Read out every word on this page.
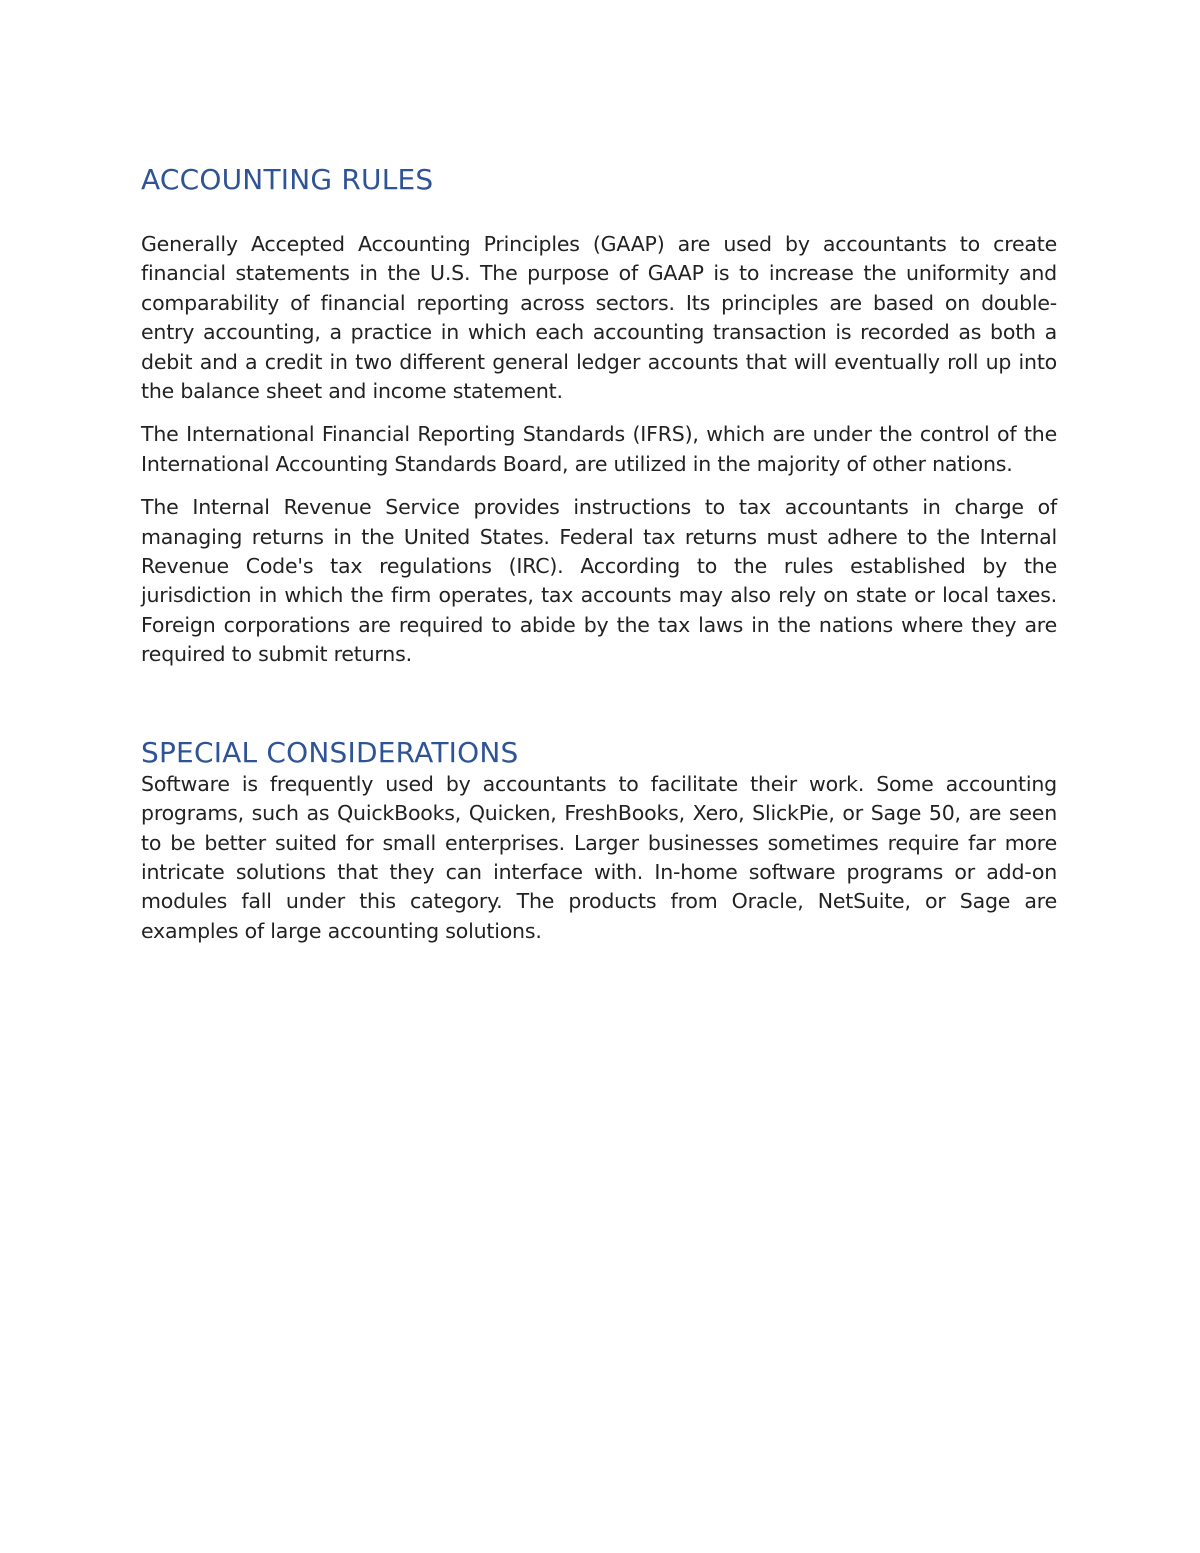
ACCOUNTING RULES

Generally Accepted Accounting Principles (GAAP) are used by accountants to create financial statements in the U.S. The purpose of GAAP is to increase the uniformity and comparability of financial reporting across sectors. Its principles are based on double-entry accounting, a practice in which each accounting transaction is recorded as both a debit and a credit in two different general ledger accounts that will eventually roll up into the balance sheet and income statement.

The International Financial Reporting Standards (IFRS), which are under the control of the International Accounting Standards Board, are utilized in the majority of other nations.

The Internal Revenue Service provides instructions to tax accountants in charge of managing returns in the United States. Federal tax returns must adhere to the Internal Revenue Code's tax regulations (IRC). According to the rules established by the jurisdiction in which the firm operates, tax accounts may also rely on state or local taxes. Foreign corporations are required to abide by the tax laws in the nations where they are required to submit returns.

SPECIAL CONSIDERATIONS

Software is frequently used by accountants to facilitate their work. Some accounting programs, such as QuickBooks, Quicken, FreshBooks, Xero, SlickPie, or Sage 50, are seen to be better suited for small enterprises. Larger businesses sometimes require far more intricate solutions that they can interface with. In-home software programs or add-on modules fall under this category. The products from Oracle, NetSuite, or Sage are examples of large accounting solutions.
